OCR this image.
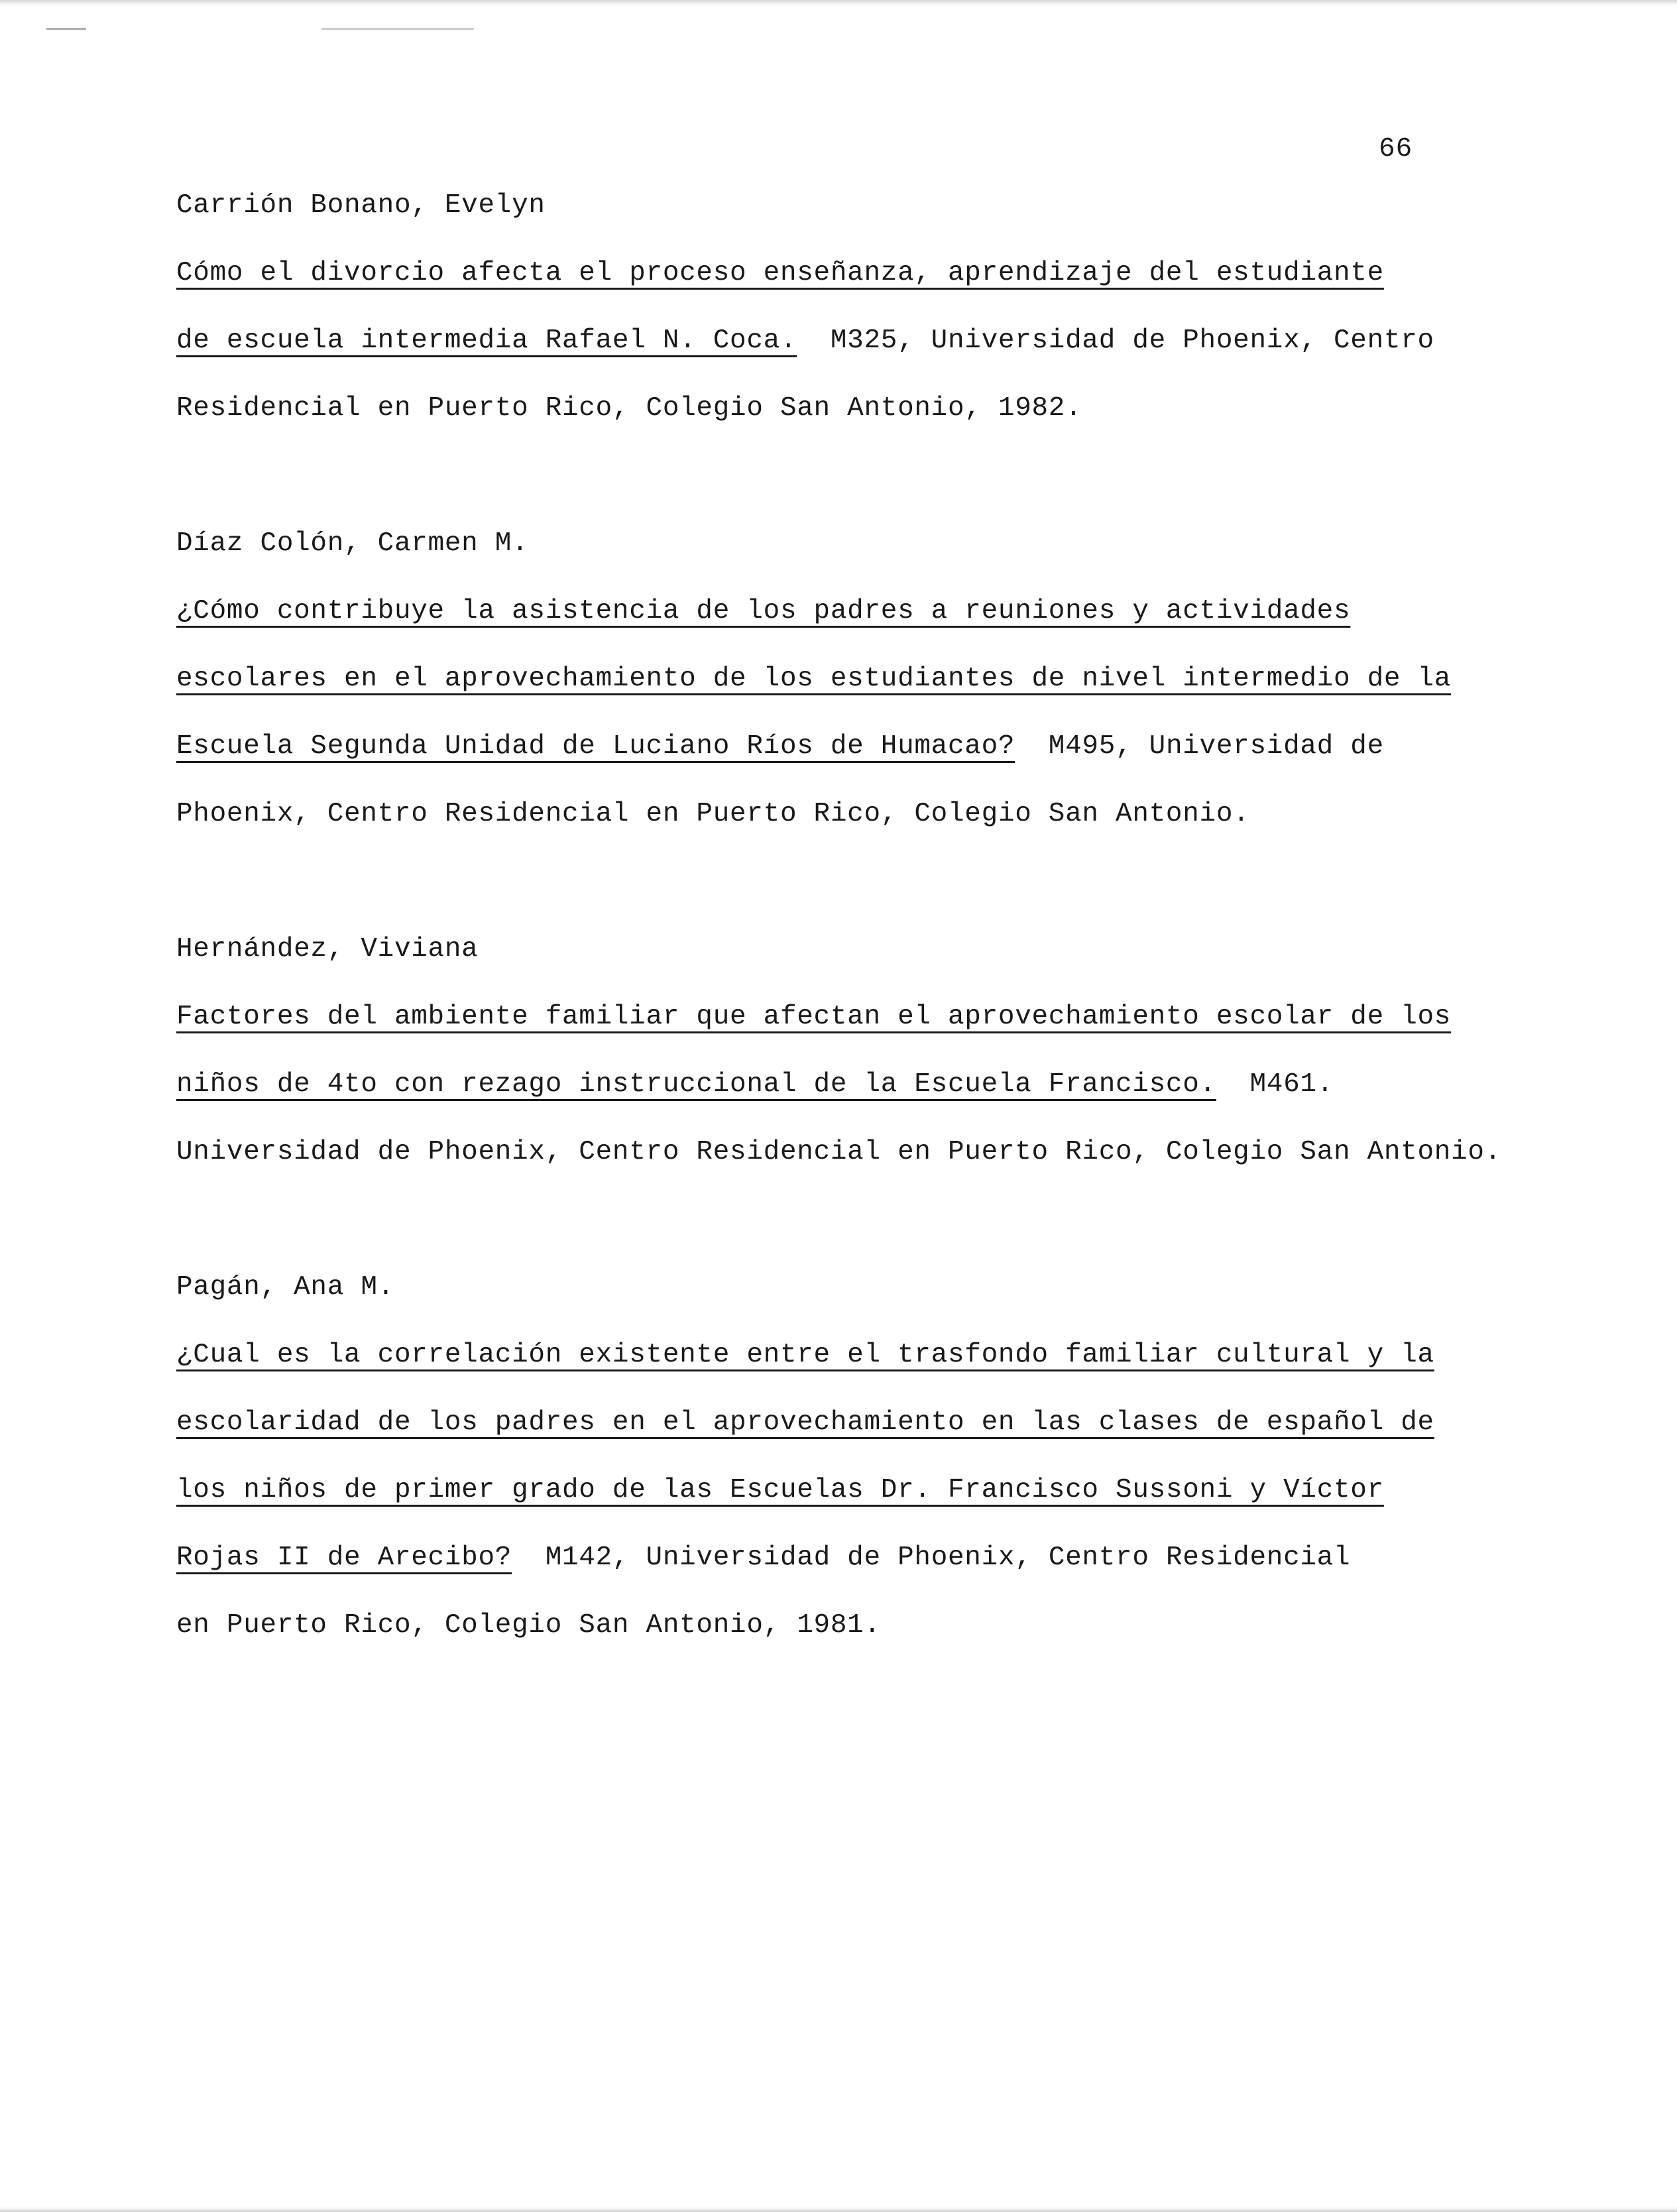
66
Carrión Bonano, Evelyn
Cómo el divorcio afecta el proceso enseñanza, aprendizaje del estudiante
de escuela intermedia Rafael N. Coca.  M325, Universidad de Phoenix, Centro
Residencial en Puerto Rico, Colegio San Antonio, 1982.
Díaz Colón, Carmen M.
¿Cómo contribuye la asistencia de los padres a reuniones y actividades
escolares en el aprovechamiento de los estudiantes de nivel intermedio de la
Escuela Segunda Unidad de Luciano Ríos de Humacao?  M495, Universidad de
Phoenix, Centro Residencial en Puerto Rico, Colegio San Antonio.
Hernández, Viviana
Factores del ambiente familiar que afectan el aprovechamiento escolar de los
niños de 4to con rezago instruccional de la Escuela Francisco.  M461.
Universidad de Phoenix, Centro Residencial en Puerto Rico, Colegio San Antonio.
Pagán, Ana M.
¿Cual es la correlación existente entre el trasfondo familiar cultural y la
escolaridad de los padres en el aprovechamiento en las clases de español de
los niños de primer grado de las Escuelas Dr. Francisco Sussoni y Víctor
Rojas II de Arecibo?  M142, Universidad de Phoenix, Centro Residencial
en Puerto Rico, Colegio San Antonio, 1981.
